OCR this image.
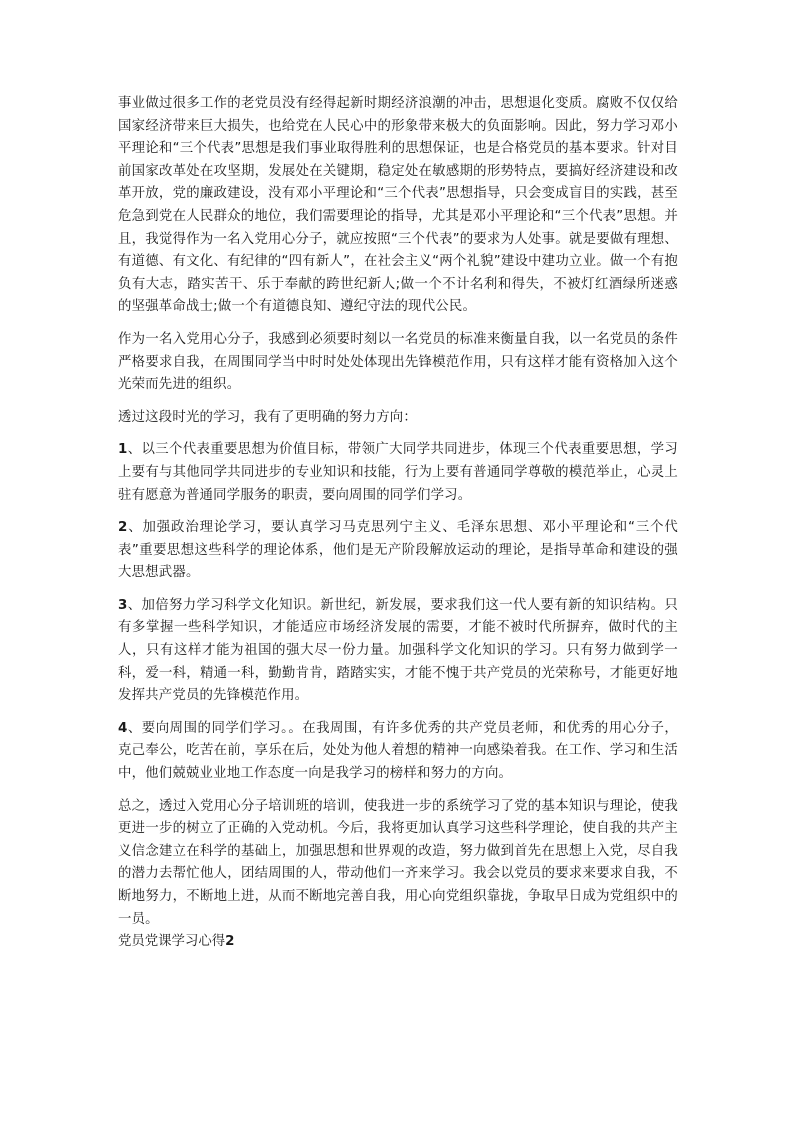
事业做过很多工作的老党员没有经得起新时期经济浪潮的冲击，思想退化变质。腐败不仅仅给国家经济带来巨大损失，也给党在人民心中的形象带来极大的负面影响。因此，努力学习邓小平理论和“三个代表”思想是我们事业取得胜利的思想保证，也是合格党员的基本要求。针对目前国家改革处在攻坚期，发展处在关键期，稳定处在敏感期的形势特点，要搞好经济建设和改革开放，党的廉政建设，没有邓小平理论和“三个代表”思想指导，只会变成盲目的实践，甚至危急到党在人民群众的地位，我们需要理论的指导，尤其是邓小平理论和“三个代表”思想。并且，我觉得作为一名入党用心分子，就应按照“三个代表”的要求为人处事。就是要做有理想、有道德、有文化、有纪律的“四有新人”，在社会主义“两个礼貌”建设中建功立业。做一个有抱负有大志，踏实苦干、乐于奉献的跨世纪新人;做一个不计名利和得失，不被灯红酒绿所迷惑的坚强革命战士;做一个有道德良知、遵纪守法的现代公民。

作为一名入党用心分子，我感到必须要时刻以一名党员的标准来衡量自我，以一名党员的条件严格要求自我，在周围同学当中时时处处体现出先锋模范作用，只有这样才能有资格加入这个光荣而先进的组织。

透过这段时光的学习，我有了更明确的努力方向：

1、以三个代表重要思想为价值目标，带领广大同学共同进步，体现三个代表重要思想，学习上要有与其他同学共同进步的专业知识和技能，行为上要有普通同学尊敬的模范举止，心灵上驻有愿意为普通同学服务的职责，要向周围的同学们学习。

2、加强政治理论学习，要认真学习马克思列宁主义、毛泽东思想、邓小平理论和“三个代表”重要思想这些科学的理论体系，他们是无产阶段解放运动的理论，是指导革命和建设的强大思想武器。

3、加倍努力学习科学文化知识。新世纪，新发展，要求我们这一代人要有新的知识结构。只有多掌握一些科学知识，才能适应市场经济发展的需要，才能不被时代所摒弃，做时代的主人，只有这样才能为祖国的强大尽一份力量。加强科学文化知识的学习。只有努力做到学一科，爱一科，精通一科，勤勤肯肯，踏踏实实，才能不愧于共产党员的光荣称号，才能更好地发挥共产党员的先锋模范作用。

4、要向周围的同学们学习。。在我周围，有许多优秀的共产党员老师，和优秀的用心分子，克己奉公，吃苦在前，享乐在后，处处为他人着想的精神一向感染着我。在工作、学习和生活中，他们兢兢业业地工作态度一向是我学习的榜样和努力的方向。

总之，透过入党用心分子培训班的培训，使我进一步的系统学习了党的基本知识与理论，使我更进一步的树立了正确的入党动机。今后，我将更加认真学习这些科学理论，使自我的共产主义信念建立在科学的基础上，加强思想和世界观的改造，努力做到首先在思想上入党，尽自我的潜力去帮忙他人，团结周围的人，带动他们一齐来学习。我会以党员的要求来要求自我，不断地努力，不断地上进，从而不断地完善自我，用心向党组织靠拢，争取早日成为党组织中的一员。

党员党课学习心得2
